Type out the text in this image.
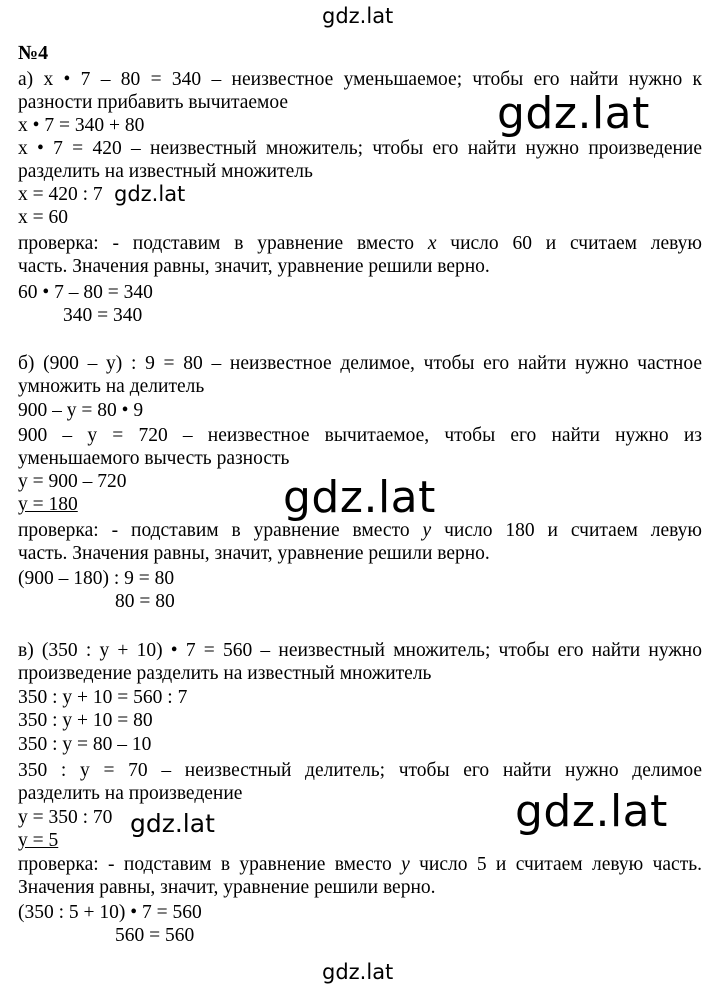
gdz.lat
gdz.lat
gdz.lat
gdz.lat
gdz.lat
gdz.lat
gdz.lat
№4
а) x • 7 – 80 = 340 – неизвестное уменьшаемое; чтобы его найти нужно к
разности прибавить вычитаемое
x • 7 = 340 + 80
x • 7 = 420 – неизвестный множитель; чтобы его найти нужно произведение
разделить на известный множитель
x = 420 : 7
x = 60
проверка: - подставим в уравнение вместо x число 60 и считаем левую
часть. Значения равны, значит, уравнение решили верно.
60 • 7 – 80 = 340
340 = 340
б) (900 – y) : 9 = 80 – неизвестное делимое, чтобы его найти нужно частное
умножить на делитель
900 – y = 80 • 9
900 – y = 720 – неизвестное вычитаемое, чтобы его найти нужно из
уменьшаемого вычесть разность
y = 900 – 720
y = 180
проверка: - подставим в уравнение вместо y число 180 и считаем левую
часть. Значения равны, значит, уравнение решили верно.
(900 – 180) : 9 = 80
80 = 80
в) (350 : y + 10) • 7 = 560 – неизвестный множитель; чтобы его найти нужно
произведение разделить на известный множитель
350 : y + 10 = 560 : 7
350 : y + 10 = 80
350 : y = 80 – 10
350 : y = 70 – неизвестный делитель; чтобы его найти нужно делимое
разделить на произведение
y = 350 : 70
y = 5
проверка: - подставим в уравнение вместо y число 5 и считаем левую часть.
Значения равны, значит, уравнение решили верно.
(350 : 5 + 10) • 7 = 560
560 = 560
